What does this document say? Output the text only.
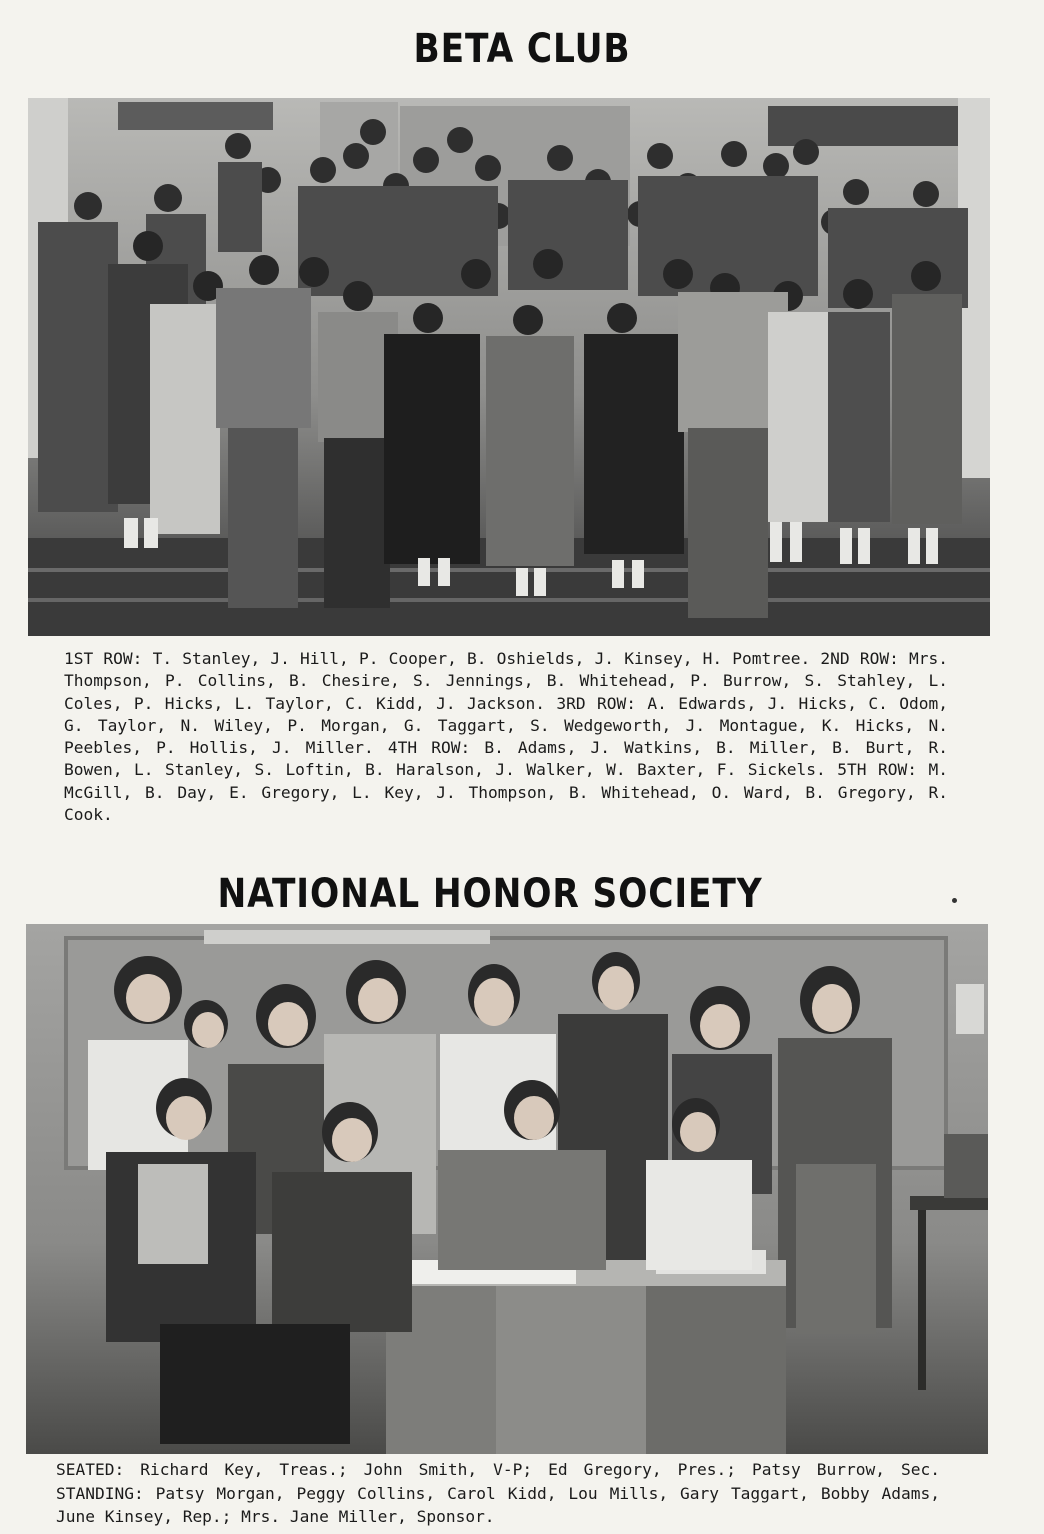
BETA CLUB

1ST ROW: T. Stanley, J. Hill, P. Cooper, B. Oshields, J. Kinsey, H. Pomtree. 2ND ROW: Mrs. Thompson, P. Collins, B. Chesire, S. Jennings, B. Whitehead, P. Burrow, S. Stahley, L. Coles, P. Hicks, L. Taylor, C. Kidd, J. Jackson. 3RD ROW: A. Edwards, J. Hicks, C. Odom, G. Taylor, N. Wiley, P. Morgan, G. Taggart, S. Wedgeworth, J. Montague, K. Hicks, N. Peebles, P. Hollis, J. Miller. 4TH ROW: B. Adams, J. Watkins, B. Miller, B. Burt, R. Bowen, L. Stanley, S. Loftin, B. Haralson, J. Walker, W. Baxter, F. Sickels. 5TH ROW: M. McGill, B. Day, E. Gregory, L. Key, J. Thompson, B. Whitehead, O. Ward, B. Gregory, R. Cook.

NATIONAL HONOR SOCIETY

SEATED: Richard Key, Treas.; John Smith, V-P; Ed Gregory, Pres.; Patsy Burrow, Sec. STANDING: Patsy Morgan, Peggy Collins, Carol Kidd, Lou Mills, Gary Taggart, Bobby Adams, June Kinsey, Rep.; Mrs. Jane Miller, Sponsor.
